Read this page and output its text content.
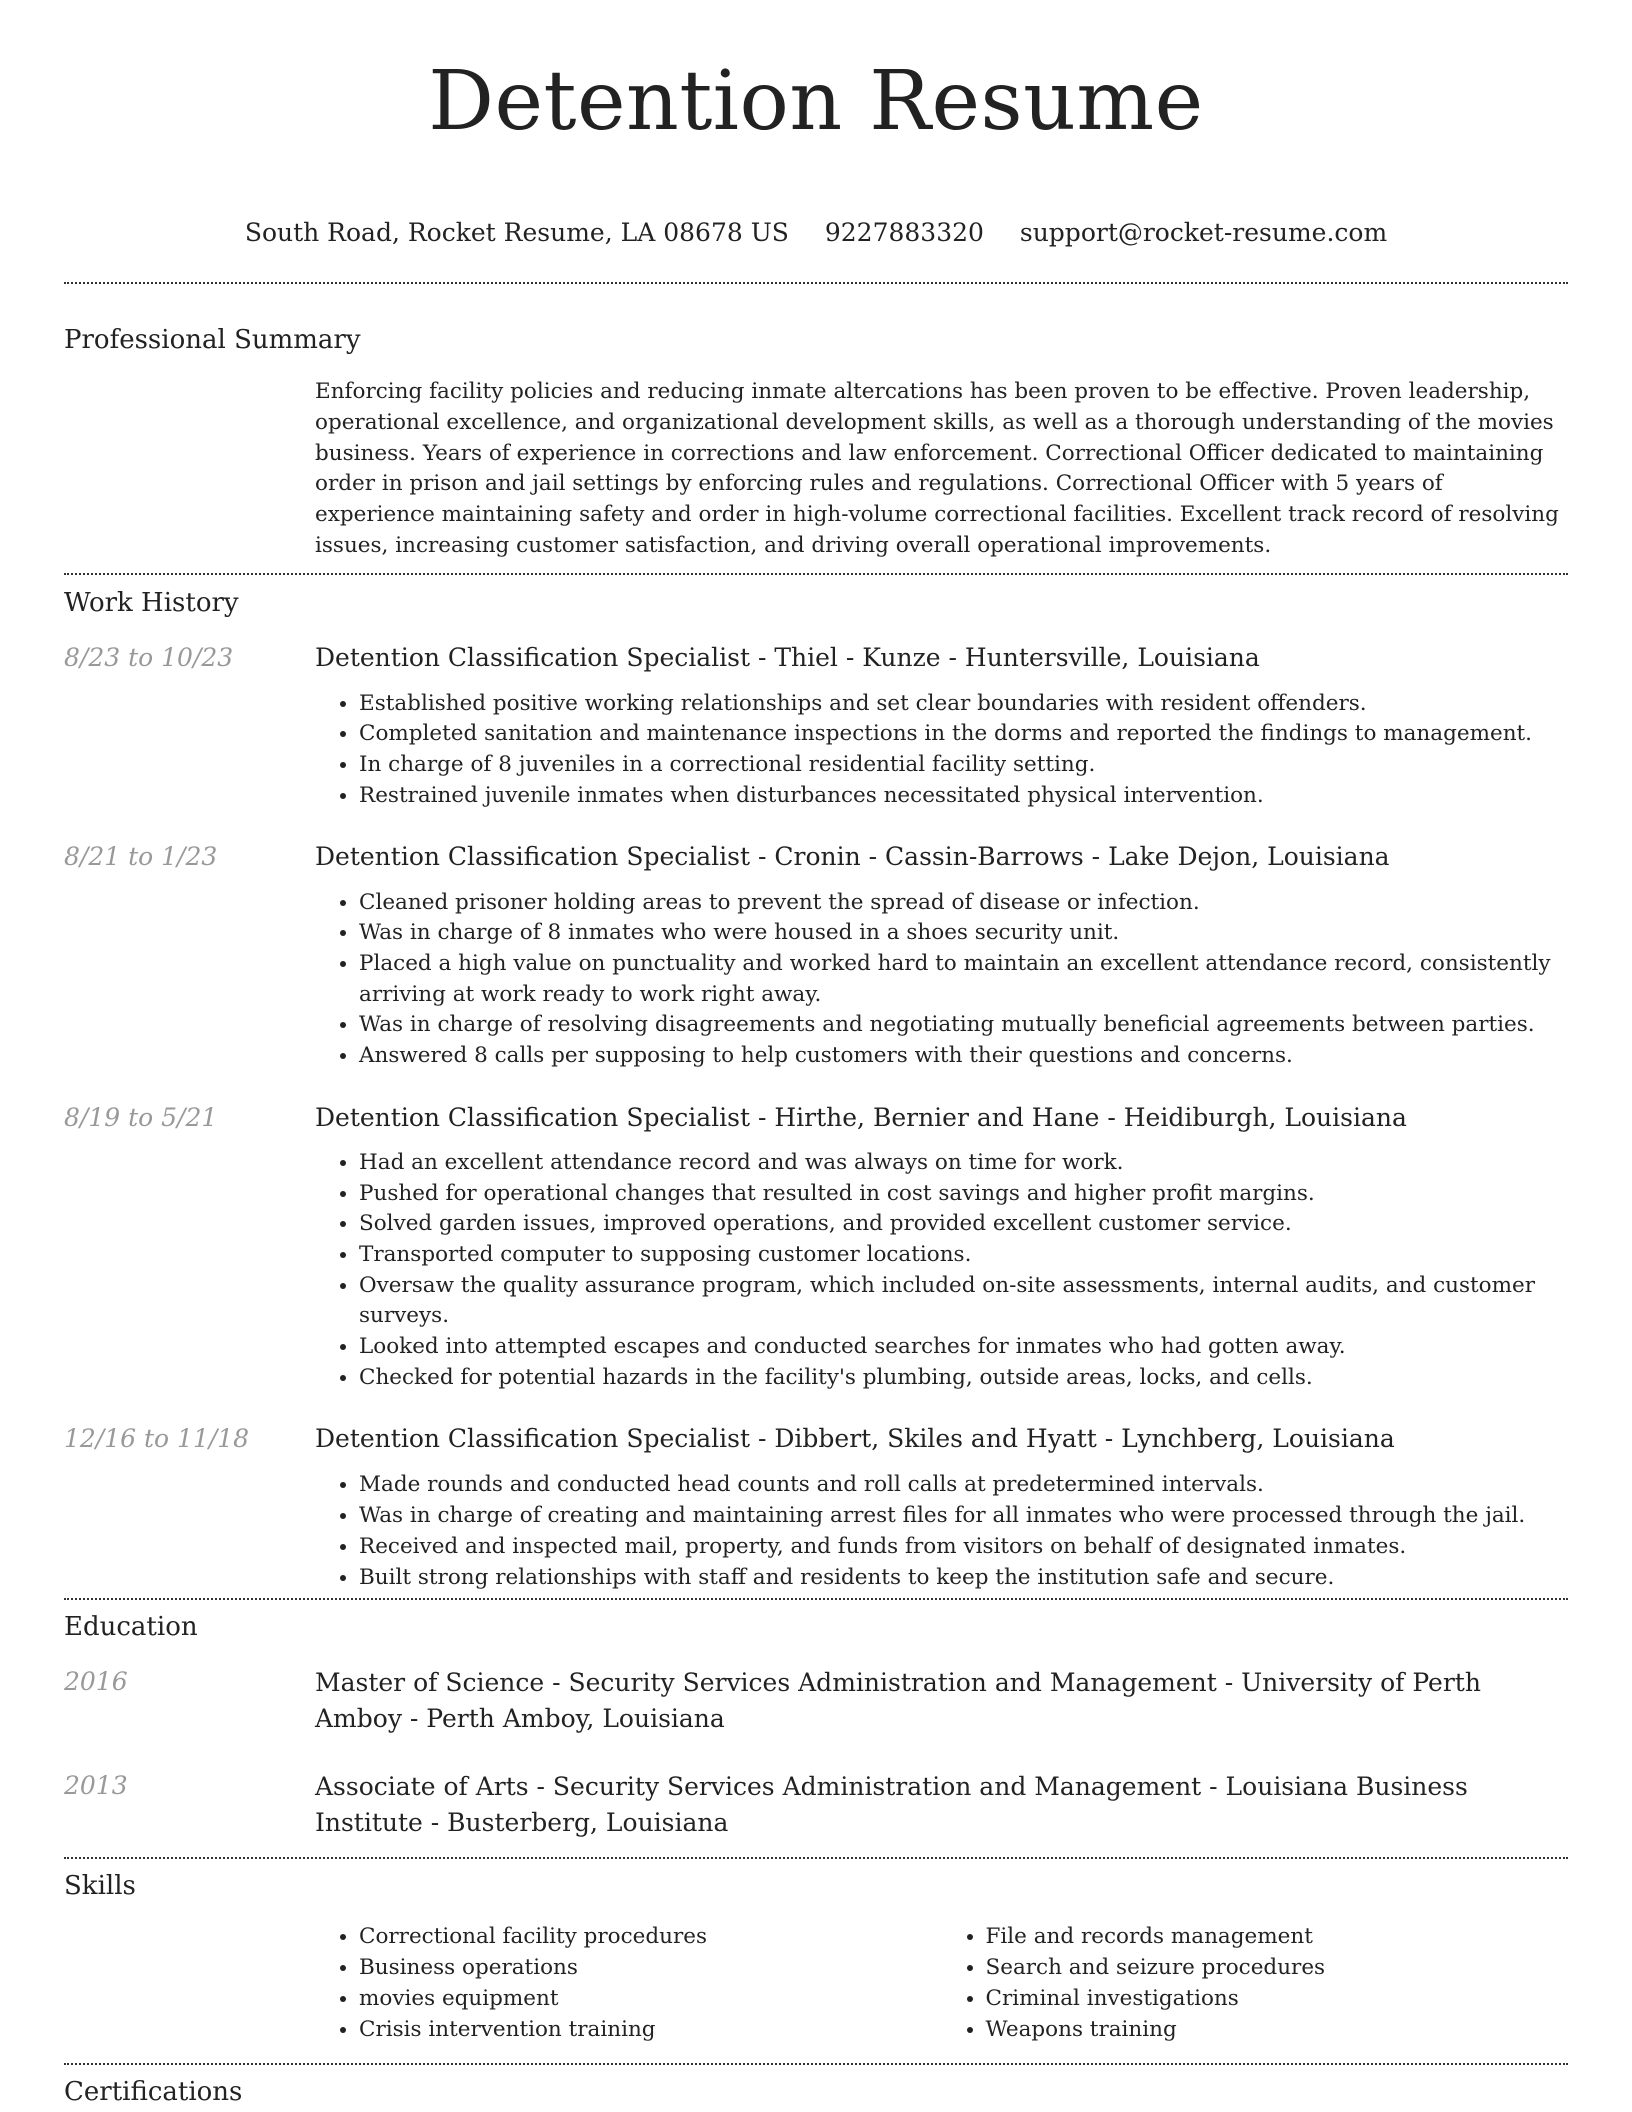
Detention Resume
South Road, Rocket Resume, LA 08678 US 9227883320 support@rocket-resume.com
Professional Summary
Enforcing facility policies and reducing inmate altercations has been proven to be effective. Proven leadership, operational excellence, and organizational development skills, as well as a thorough understanding of the movies business. Years of experience in corrections and law enforcement. Correctional Officer dedicated to maintaining order in prison and jail settings by enforcing rules and regulations. Correctional Officer with 5 years of experience maintaining safety and order in high-volume correctional facilities. Excellent track record of resolving issues, increasing customer satisfaction, and driving overall operational improvements.
Work History
8/23 to 10/23	Detention Classification Specialist - Thiel - Kunze - Huntersville, Louisiana
• Established positive working relationships and set clear boundaries with resident offenders.
• Completed sanitation and maintenance inspections in the dorms and reported the findings to management.
• In charge of 8 juveniles in a correctional residential facility setting.
• Restrained juvenile inmates when disturbances necessitated physical intervention.
8/21 to 1/23	Detention Classification Specialist - Cronin - Cassin-Barrows - Lake Dejon, Louisiana
• Cleaned prisoner holding areas to prevent the spread of disease or infection.
• Was in charge of 8 inmates who were housed in a shoes security unit.
• Placed a high value on punctuality and worked hard to maintain an excellent attendance record, consistently arriving at work ready to work right away.
• Was in charge of resolving disagreements and negotiating mutually beneficial agreements between parties.
• Answered 8 calls per supposing to help customers with their questions and concerns.
8/19 to 5/21	Detention Classification Specialist - Hirthe, Bernier and Hane - Heidiburgh, Louisiana
• Had an excellent attendance record and was always on time for work.
• Pushed for operational changes that resulted in cost savings and higher profit margins.
• Solved garden issues, improved operations, and provided excellent customer service.
• Transported computer to supposing customer locations.
• Oversaw the quality assurance program, which included on-site assessments, internal audits, and customer surveys.
• Looked into attempted escapes and conducted searches for inmates who had gotten away.
• Checked for potential hazards in the facility's plumbing, outside areas, locks, and cells.
12/16 to 11/18	Detention Classification Specialist - Dibbert, Skiles and Hyatt - Lynchberg, Louisiana
• Made rounds and conducted head counts and roll calls at predetermined intervals.
• Was in charge of creating and maintaining arrest files for all inmates who were processed through the jail.
• Received and inspected mail, property, and funds from visitors on behalf of designated inmates.
• Built strong relationships with staff and residents to keep the institution safe and secure.
Education
2016	Master of Science - Security Services Administration and Management - University of Perth Amboy - Perth Amboy, Louisiana
2013	Associate of Arts - Security Services Administration and Management - Louisiana Business Institute - Busterberg, Louisiana
Skills
• Correctional facility procedures
• Business operations
• movies equipment
• Crisis intervention training
• File and records management
• Search and seizure procedures
• Criminal investigations
• Weapons training
Certifications
